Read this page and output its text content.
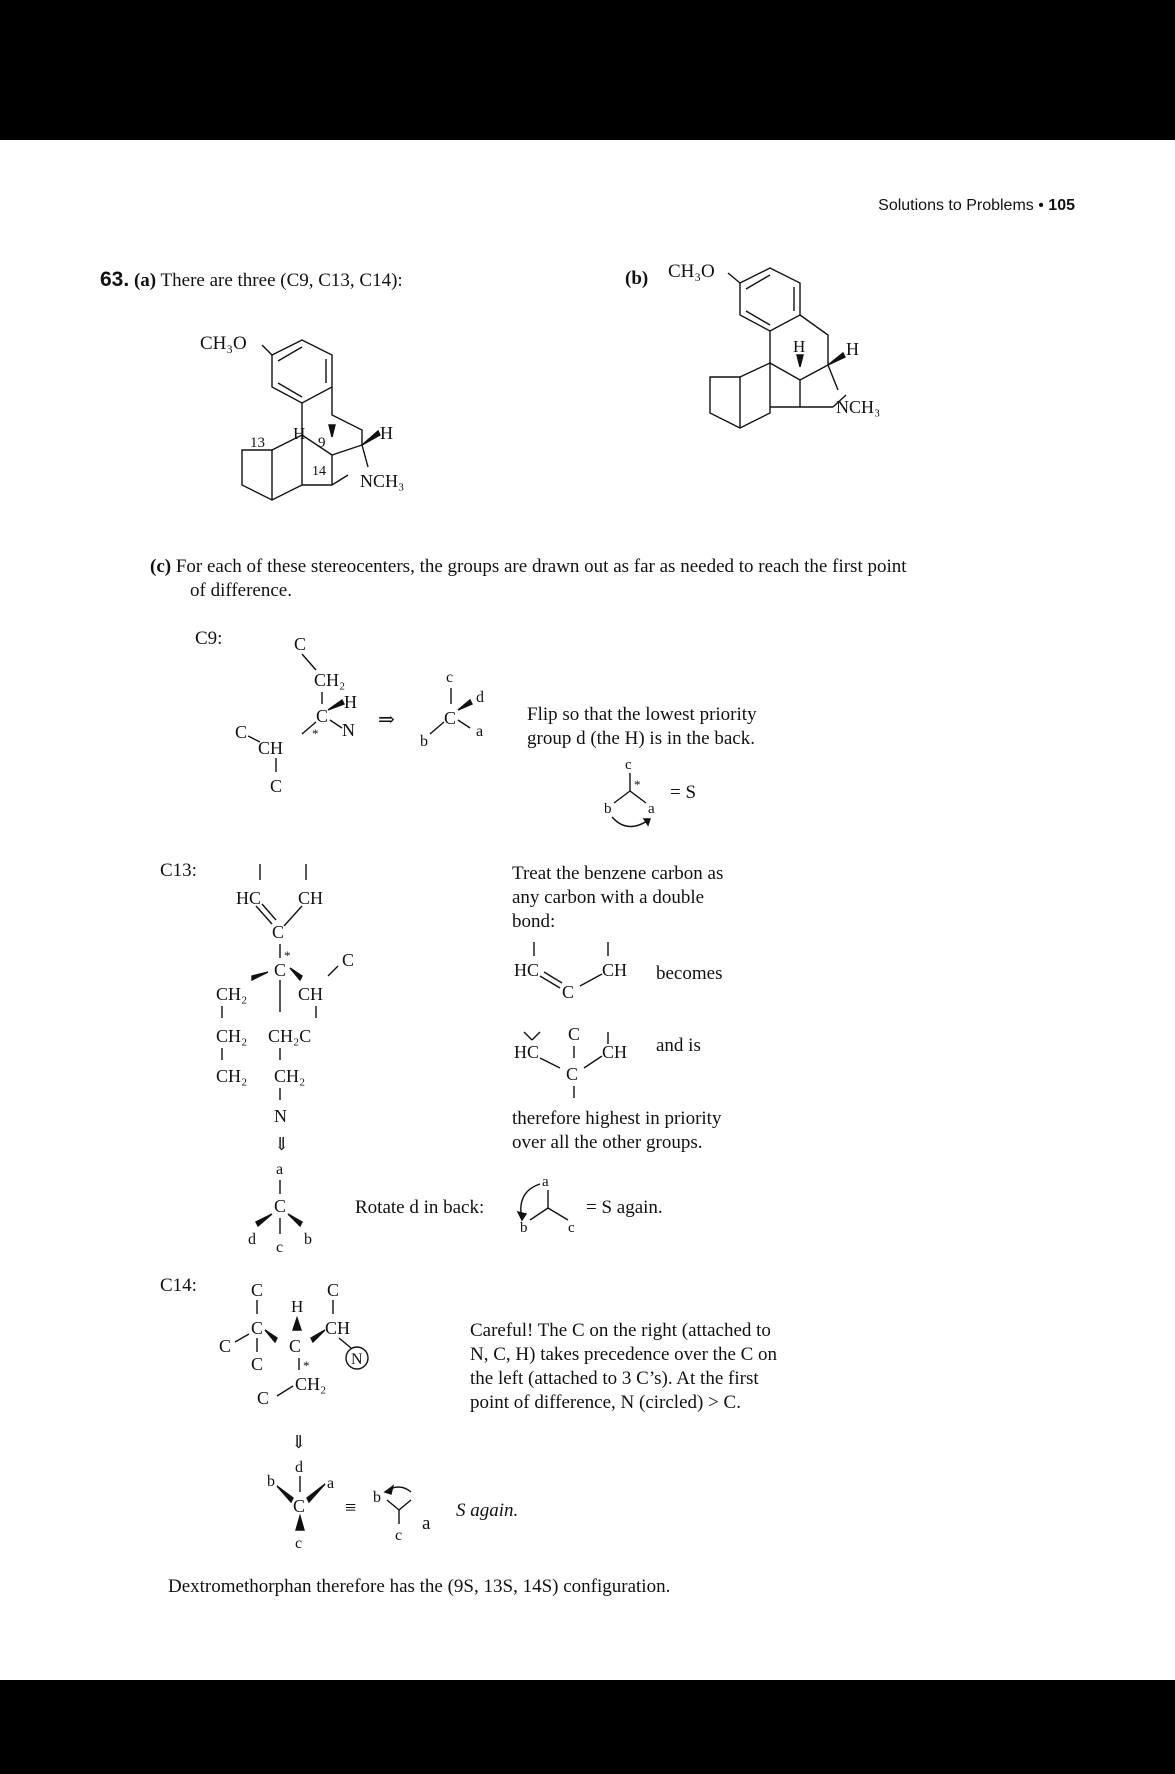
Solutions to Problems • 105
63. (a) There are three (C9, C13, C14):	(b)
CH₃O
13 H 9	H
14 NCH₃
CH₃O
H H
NCH₃
(c) For each of these stereocenters, the groups are drawn out as far as needed to reach the first point
of difference.
C9:	C
CH₂
C
*
H
N
C
CH
C
⇒
c
C
d
a
b
Flip so that the lowest priority
group d (the H) is in the back.
c
*
b a
= S
C13:
HC CH
C
*
C	C
CH₂	CH
CH₂ CH₂C
CH₂ CH₂
N
⇓
a
C
d c b
Treat the benzene carbon as
any carbon with a double
bond:
HC	CH
C
C
HC	CH
C
becomes
and is
therefore highest in priority
over all the other groups.
Rotate d in back:
a
b	c
= S again.
C14:	C	C
H
C	CH
C
C
C
*	N
CH₂
C
⇓
d
b	a
C
c
≡ b
c
a
Careful! The C on the right (attached to
N, C, H) takes precedence over the C on
the left (attached to 3 C’s). At the first
point of difference, N (circled) > C.
S again.
Dextromethorphan therefore has the (9S, 13S, 14S) configuration.
